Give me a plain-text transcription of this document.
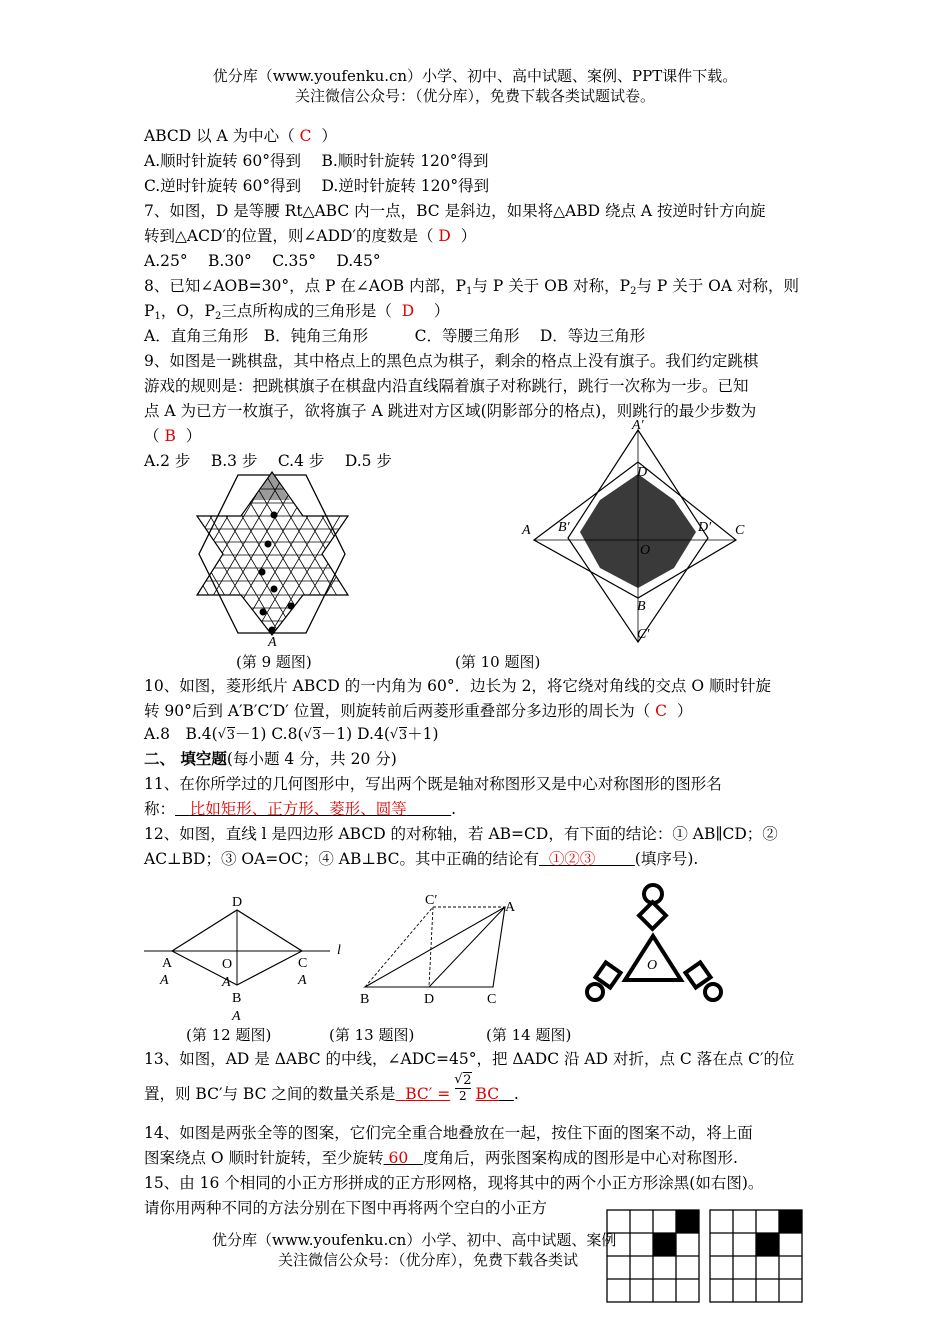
优分库（www.youfenku.cn）小学、初中、高中试题、案例、PPT课件下载。
关注微信公众号：（优分库），免费下载各类试题试卷。
ABCD 以 A 为中心（ C ）
A.顺时针旋转 60°得到　 B.顺时针旋转 120°得到
C.逆时针旋转 60°得到　 D.逆时针旋转 120°得到
7、如图，D 是等腰 Rt△ABC 内一点，BC 是斜边，如果将△ABD 绕点 A 按逆时针方向旋
转到△ACD′的位置，则∠ADD′的度数是（ D ）
A.25°　 B.30°　 C.35°　 D.45°
8、已知∠AOB=30°，点 P 在∠AOB 内部，$P_1$与 P 关于 OB 对称，$P_2$与 P 关于 OA 对称，则
$P_1$，O，$P_2$三点所构成的三角形是（ D ）
A．直角三角形　B．钝角三角形　　　C．等腰三角形　 D．等边三角形
9、如图是一跳棋盘，其中格点上的黑色点为棋子，剩余的格点上没有旗子。我们约定跳棋
游戏的规则是：把跳棋旗子在棋盘内沿直线隔着旗子对称跳行，跳行一次称为一步。已知
点 A 为已方一枚旗子，欲将旗子 A 跳进对方区域(阴影部分的格点)，则跳行的最少步数为
（ B ）
A.2 步　 B.3 步　 C.4 步　 D.5 步
A
(第 9 题图)
A′
D
A B′
O
D′ C
B
C′
(第 10 题图)
10、如图，菱形纸片 ABCD 的一内角为 60°．边长为 2，将它绕对角线的交点 O 顺时针旋
转 90°后到 A′B′C′D′ 位置，则旋转前后两菱形重叠部分多边形的周长为（ C ）
A.8　B.4( √ 3－1) C.8( √ 3－1) D.4( √ 3＋1)
二、 填空题(每小题 4 分，共 20 分)
11、在你所学过的几何图形中，写出两个既是轴对称图形又是中心对称图形的图形名
称： 比如矩形、正方形、菱形、圆等	.
12、如图，直线 l 是四边形 ABCD 的对称轴，若 AB=CD，有下面的结论：① AB∥CD；②
AC⊥BD；③ OA=OC；④ AB⊥BC。其中正确的结论有 ①②③	(填序号).
D
l
A
A
O
A
C
A
B
A
C′	A
B	D	C
O
(第 12 题图)	(第 13 题图)	(第 14 题图)
13、如图，AD 是 ΔABC 的中线，∠ADC=45°，把 ΔADC 沿 AD 对折，点 C 落在点 C′的位
置，则 BC′与 BC 之间的数量关系是 BC′ = √ $\frac{2}{2}$ BC .
14、如图是两张全等的图案，它们完全重合地叠放在一起，按住下面的图案不动，将上面
图案绕点 O 顺时针旋转，至少旋转 60 度角后，两张图案构成的图形是中心对称图形.
15、由 16 个相同的小正方形拼成的正方形网格，现将其中的两个小正方形涂黑(如右图)。
请你用两种不同的方法分别在下图中再将两个空白的小正方
优分库（www.youfenku.cn）小学、初中、高中试题、案例
关注微信公众号：（优分库），免费下载各类试
